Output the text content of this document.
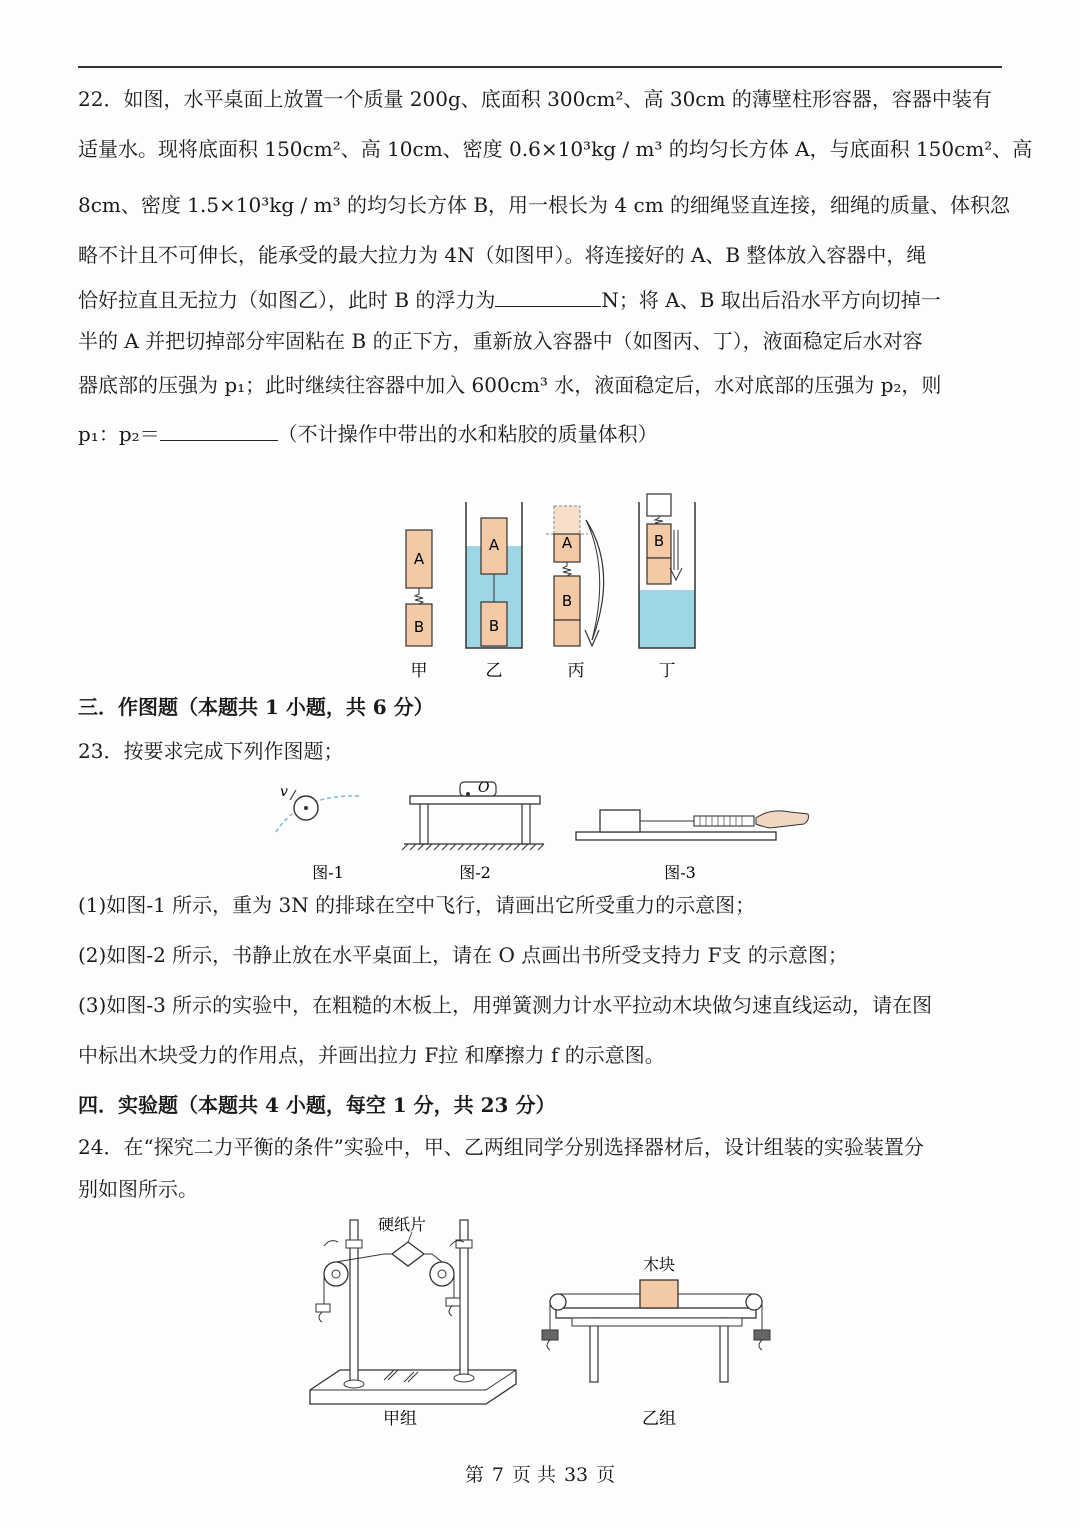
22．如图，水平桌面上放置一个质量 200g、底面积 300cm²、高 30cm 的薄壁柱形容器，容器中装有
适量水。现将底面积 150cm²、高 10cm、密度 0.6×10³kg / m³ 的均匀长方体 A，与底面积 150cm²、高
8cm、密度 1.5×10³kg / m³ 的均匀长方体 B，用一根长为 4 cm 的细绳竖直连接，细绳的质量、体积忽
略不计且不可伸长，能承受的最大拉力为 4N（如图甲）。将连接好的 A、B 整体放入容器中，绳
恰好拉直且无拉力（如图乙），此时 B 的浮力为	N；将 A、B 取出后沿水平方向切掉一
半的 A 并把切掉部分牢固粘在 B 的正下方，重新放入容器中（如图丙、丁），液面稳定后水对容
器底部的压强为 p₁；此时继续往容器中加入 600cm³ 水，液面稳定后，水对底部的压强为 p₂，则
p₁：p₂＝	（不计操作中带出的水和粘胶的质量体积）
A
B
A
B
A
B
B
甲	乙	丙	丁
三．作图题（本题共 1 小题，共 6 分）
23．按要求完成下列作图题；
v
图-1
O
图-2	图-3
(1)如图-1 所示，重为 3N 的排球在空中飞行，请画出它所受重力的示意图；
(2)如图-2 所示，书静止放在水平桌面上，请在 O 点画出书所受支持力 F支 的示意图；
(3)如图-3 所示的实验中，在粗糙的木板上，用弹簧测力计水平拉动木块做匀速直线运动，请在图
中标出木块受力的作用点，并画出拉力 F拉 和摩擦力 f 的示意图。
四．实验题（本题共 4 小题，每空 1 分，共 23 分）
24．在“探究二力平衡的条件”实验中，甲、乙两组同学分别选择器材后，设计组装的实验装置分
别如图所示。
硬纸片
甲组
木块
乙组
第 7 页 共 33 页
